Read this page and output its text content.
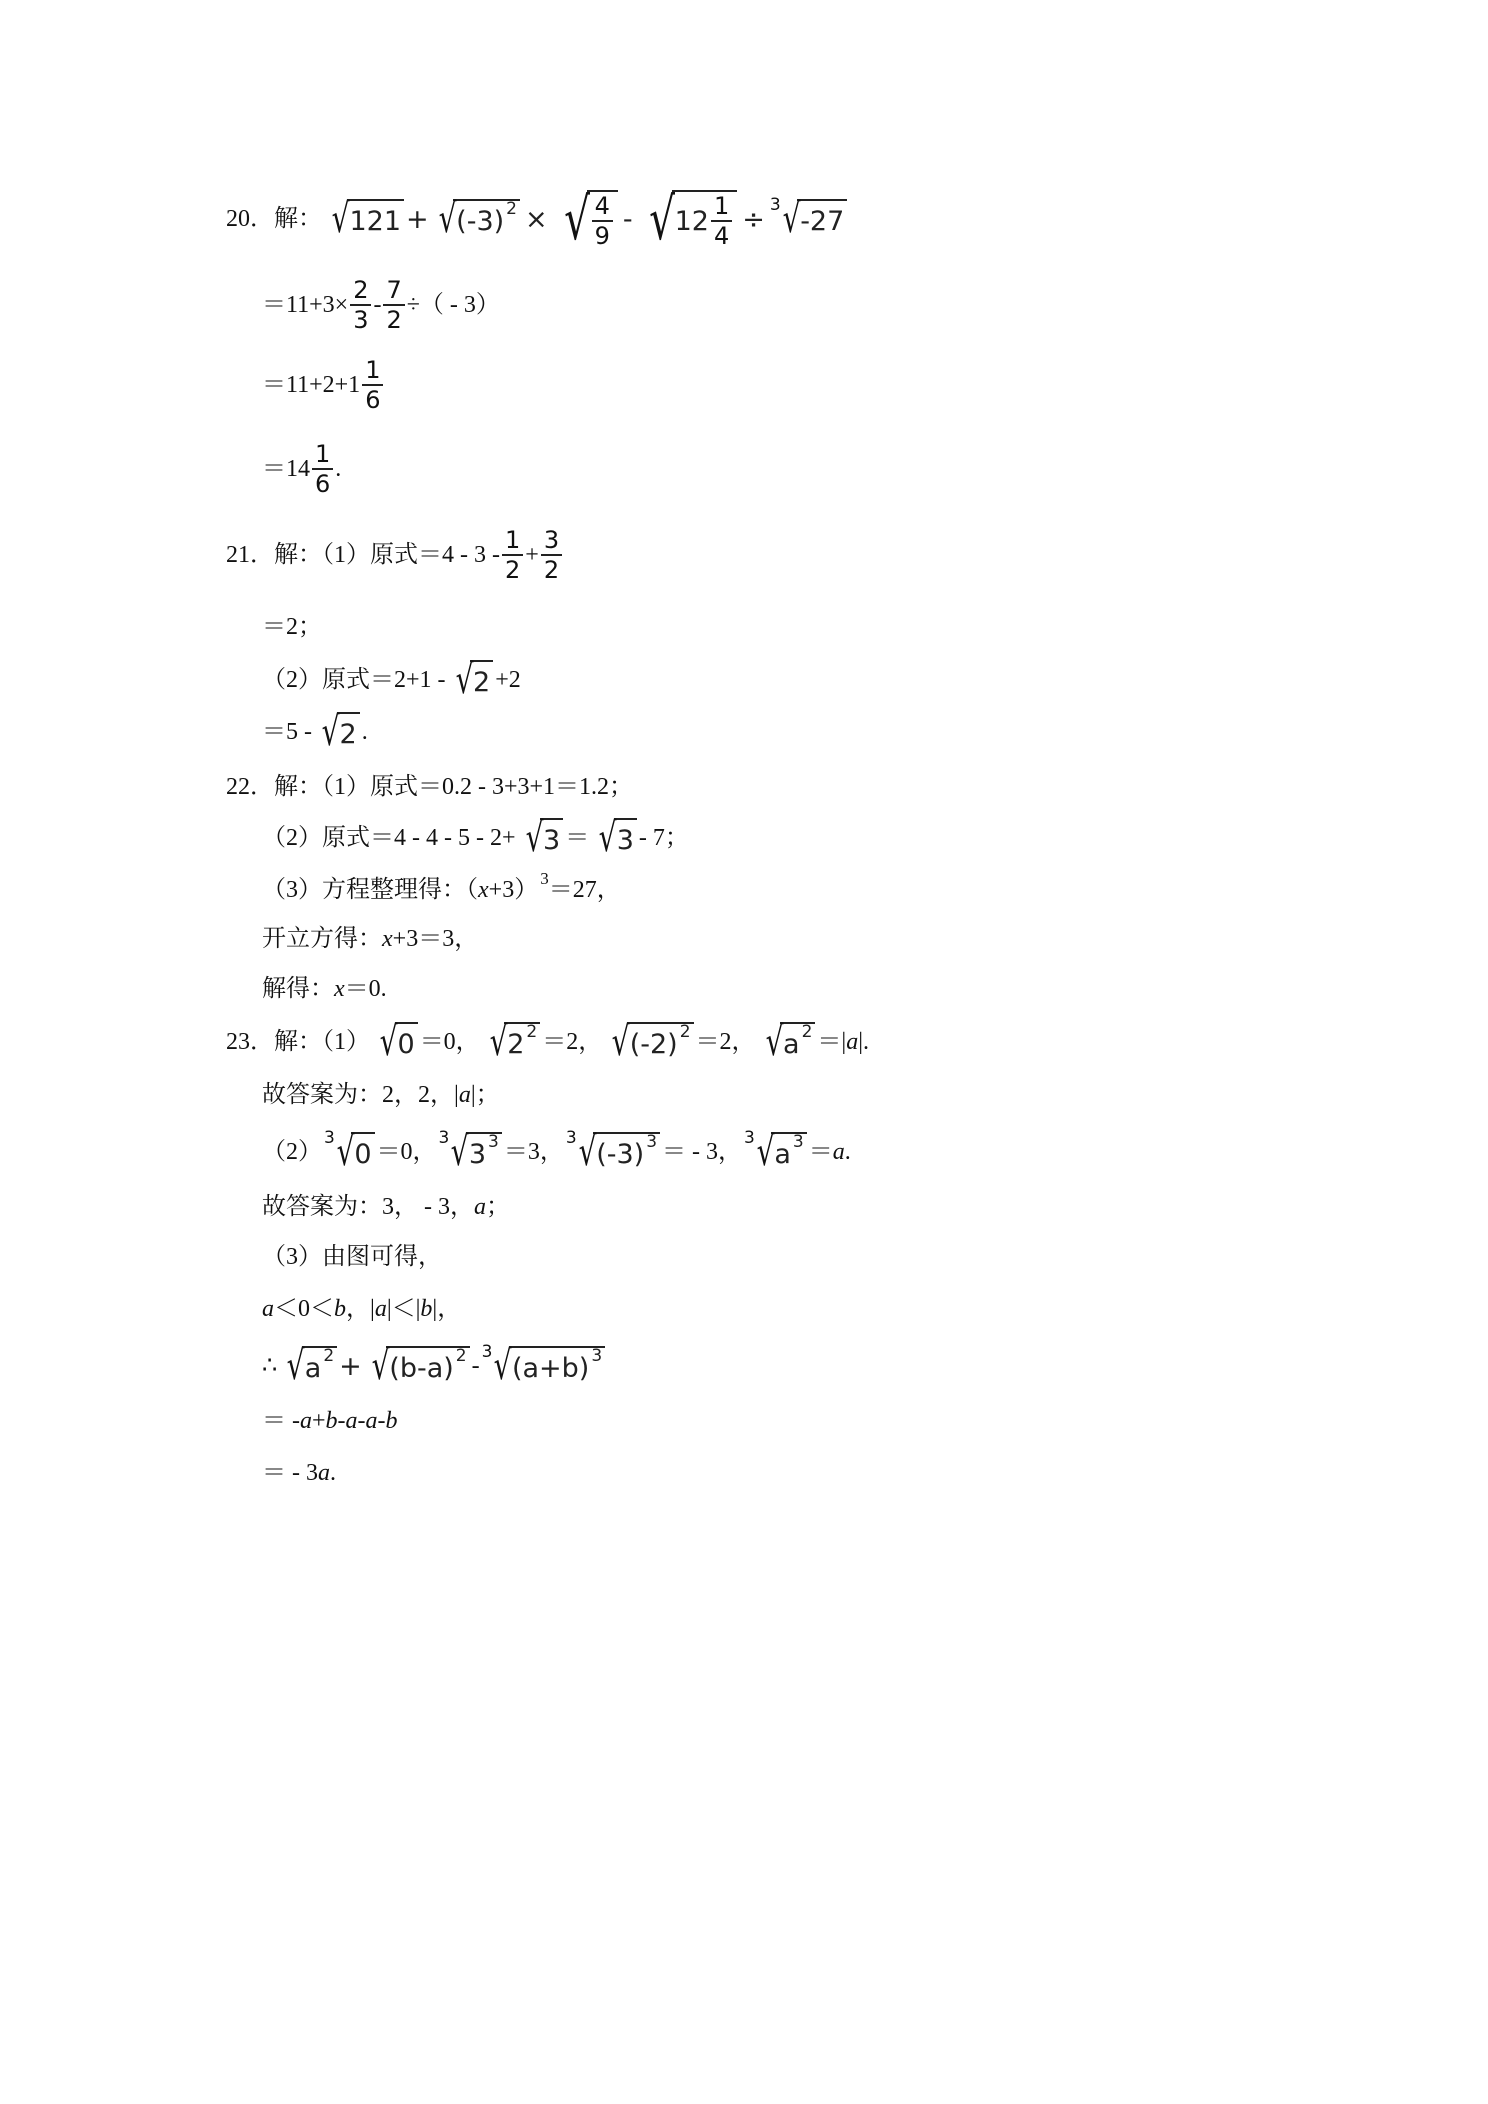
20．解： √ 121 + √ (-3) 2 × √ $\frac{4}{9}$ - √ $12 \frac{1}{4} \div 3$ √ -27
$=11+3\times \frac{2}{3} - \frac{7}{2}$ ÷（ - 3）
$=11+2+1 \frac{1}{6}$
$=14 \frac{1}{6}$ .
21．解：（1）原式$=4 - 3 - \frac{1}{2} + \frac{3}{2}$
＝2；
（2）原式＝2+1 - √ 2 +2
＝5 - √ 2 .
22．解：（1）原式＝0.2 - 3+3+1＝1.2；
（2）原式＝4 - 4 - 5 - 2+ √ 3 ＝ √ 3 - 7；
（3）方程整理得：（ x +3） 3 ＝27，
开立方得： x +3＝3，
解得： x ＝0.
23．解：（1） √ 0 ＝0， √ 2 2 ＝2， √ (-2) 2 ＝2， √ a 2 ＝| a |.
故答案为：2，2，| a |；
（2）
3 √ 0 ＝0，
3 √ 3 3 ＝3，
3 √ (-3) 3 ＝ - 3，
3 √ a 3 ＝ a .
故答案为：3， - 3， a ；
（3）由图可得，
a ＜0＜ b ，| a |＜| b |，
∴ √ a 2 + √ (b-a) 2 -
3 √ (a+b) 3
＝ - a + b - a - a - b
＝ - 3 a .
